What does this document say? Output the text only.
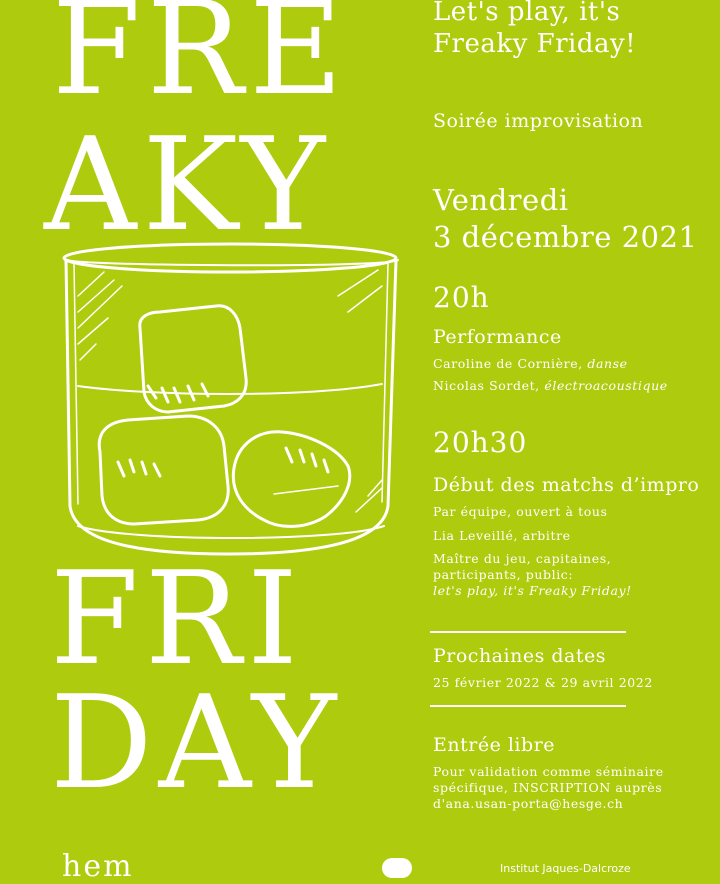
FRE
AKY
FRI
DAY
Let's play, it's
Freaky Friday!
Soirée improvisation
Vendredi
3 décembre 2021
20h
Performance
Caroline de Cornière, danse
Nicolas Sordet, électroacoustique
20h30
Début des matchs d’impro
Par équipe, ouvert à tous
Lia Leveillé, arbitre
Maître du jeu, capitaines, participants, public:
let's play, it's Freaky Friday!
Prochaines dates
25 février 2022 & 29 avril 2022
Entrée libre
Pour validation comme séminaire spécifique, INSCRIPTION auprès d'ana.usan-porta@hesge.ch
hem	Institut Jaques-Dalcroze
